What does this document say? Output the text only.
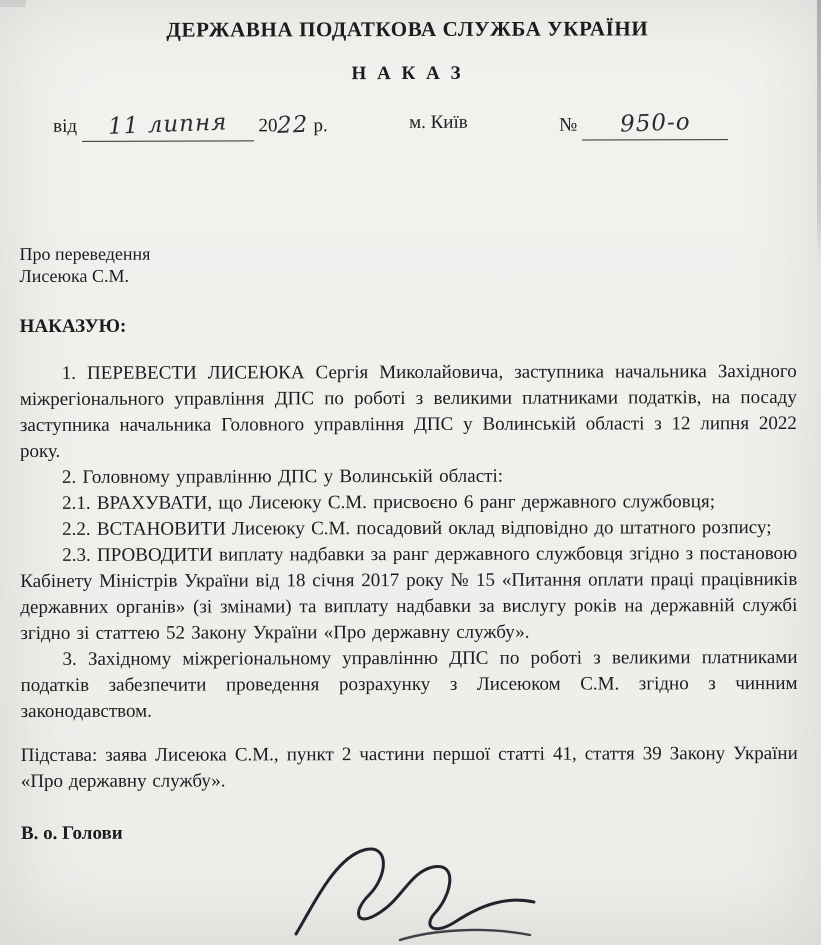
ДЕРЖАВНА ПОДАТКОВА СЛУЖБА УКРАЇНИ
Н А К А З
від 11 липня 2022 р.	м. Київ	№ 950-о

Про переведення

Лисеюка С.М.

НАКАЗУЮ:

1. ПЕРЕВЕСТИ ЛИСЕЮКА Сергія Миколайовича, заступника начальника Західного міжрегіонального управління ДПС по роботі з великими платниками податків, на посаду заступника начальника Головного управління ДПС у Волинській області з 12 липня 2022 року.

2. Головному управлінню ДПС у Волинській області:

2.1. ВРАХУВАТИ, що Лисеюку С.М. присвоєно 6 ранг державного службовця;

2.2. ВСТАНОВИТИ Лисеюку С.М. посадовий оклад відповідно до штатного розпису;

2.3. ПРОВОДИТИ виплату надбавки за ранг державного службовця згідно з постановою Кабінету Міністрів України від 18 січня 2017 року № 15 «Питання оплати праці працівників державних органів» (зі змінами) та виплату надбавки за вислугу років на державній службі згідно зі статтею 52 Закону України «Про державну службу».

3. Західному міжрегіональному управлінню ДПС по роботі з великими платниками податків забезпечити проведення розрахунку з Лисеюком С.М. згідно з чинним законодавством.

Підстава: заява Лисеюка С.М., пункт 2 частини першої статті 41, стаття 39 Закону України «Про державну службу».

В. о. Голови
